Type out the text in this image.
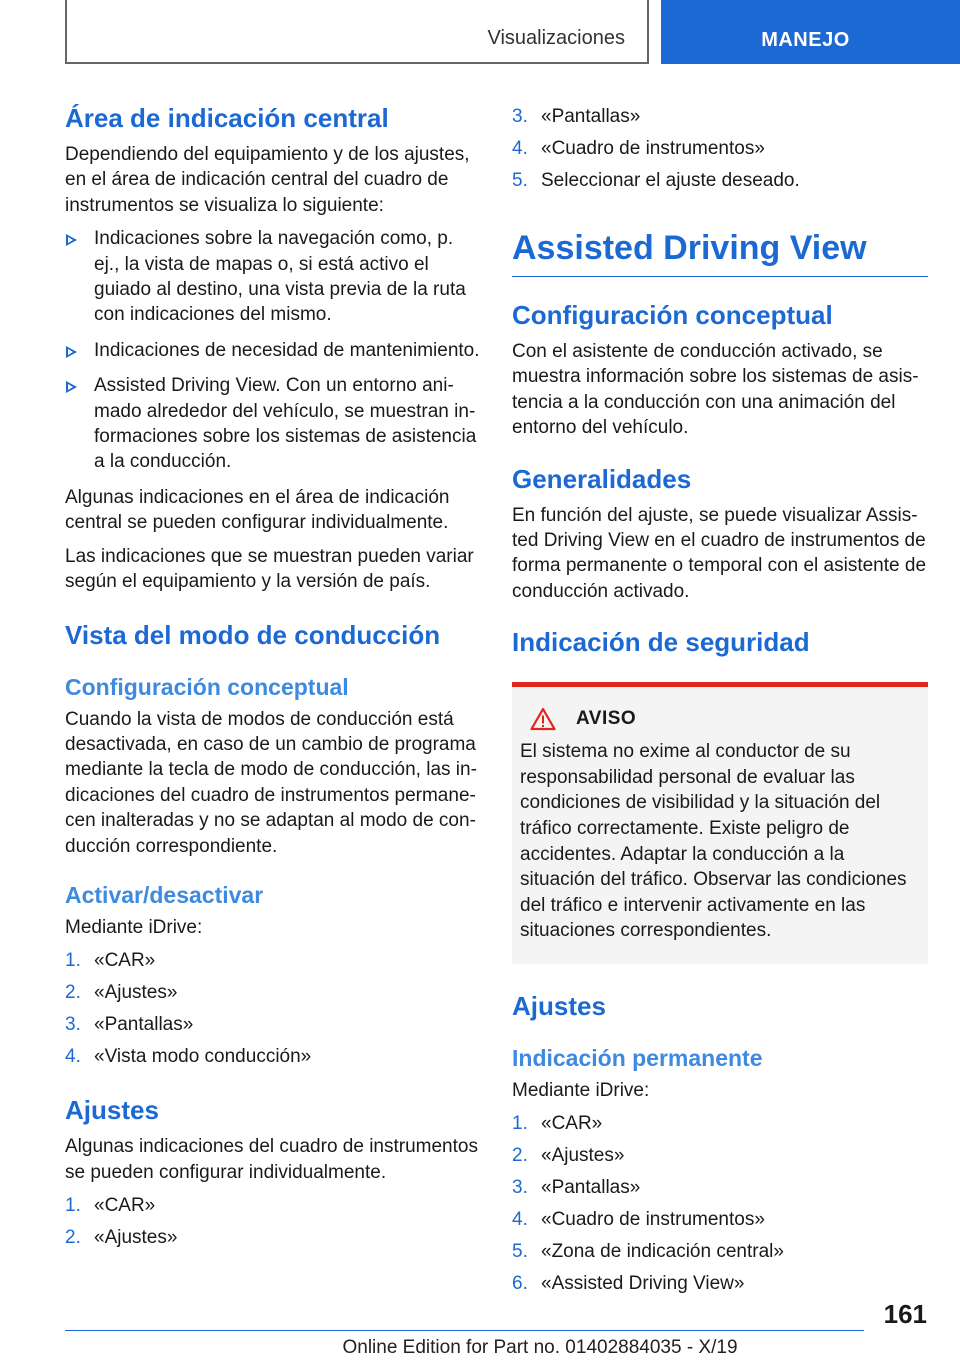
Visualizaciones	MANEJO
Área de indicación central

Dependiendo del equipamiento y de los ajustes, en el área de indicación central del cuadro de instrumentos se visualiza lo siguiente:

Indicaciones sobre la navegación como, p. ej., la vista de mapas o, si está activo el guiado al destino, una vista previa de la ruta con indicaciones del mismo.
Indicaciones de necesidad de mantenimiento.
Assisted Driving View. Con un entorno animado alrededor del vehículo, se muestran informaciones sobre los sistemas de asistencia a la conducción.

Algunas indicaciones en el área de indicación central se pueden configurar individualmente.

Las indicaciones que se muestran pueden variar según el equipamiento y la versión de país.

Vista del modo de conducción
Configuración conceptual

Cuando la vista de modos de conducción está desactivada, en caso de un cambio de programa mediante la tecla de modo de conducción, las indicaciones del cuadro de instrumentos permanecen inalteradas y no se adaptan al modo de conducción correspondiente.

Activar/desactivar

Mediante iDrive:

1. «CAR»
2. «Ajustes»
3. «Pantallas»
4. «Vista modo conducción»
Ajustes

Algunas indicaciones del cuadro de instrumentos se pueden configurar individualmente.

1. «CAR»
2. «Ajustes»
3. «Pantallas»
4. «Cuadro de instrumentos»
5. Seleccionar el ajuste deseado.
Assisted Driving View
Configuración conceptual

Con el asistente de conducción activado, se muestra información sobre los sistemas de asistencia a la conducción con una animación del entorno del vehículo.

Generalidades

En función del ajuste, se puede visualizar Assisted Driving View en el cuadro de instrumentos de forma permanente o temporal con el asistente de conducción activado.

Indicación de seguridad
AVISO

El sistema no exime al conductor de su responsabilidad personal de evaluar las condiciones de visibilidad y la situación del tráfico correctamente. Existe peligro de accidentes. Adaptar la conducción a la situación del tráfico. Observar las condiciones del tráfico e intervenir activamente en las situaciones correspondientes.

Ajustes
Indicación permanente

Mediante iDrive:

1. «CAR»
2. «Ajustes»
3. «Pantallas»
4. «Cuadro de instrumentos»
5. «Zona de indicación central»
6. «Assisted Driving View»
161
Online Edition for Part no. 01402884035 - X/19
